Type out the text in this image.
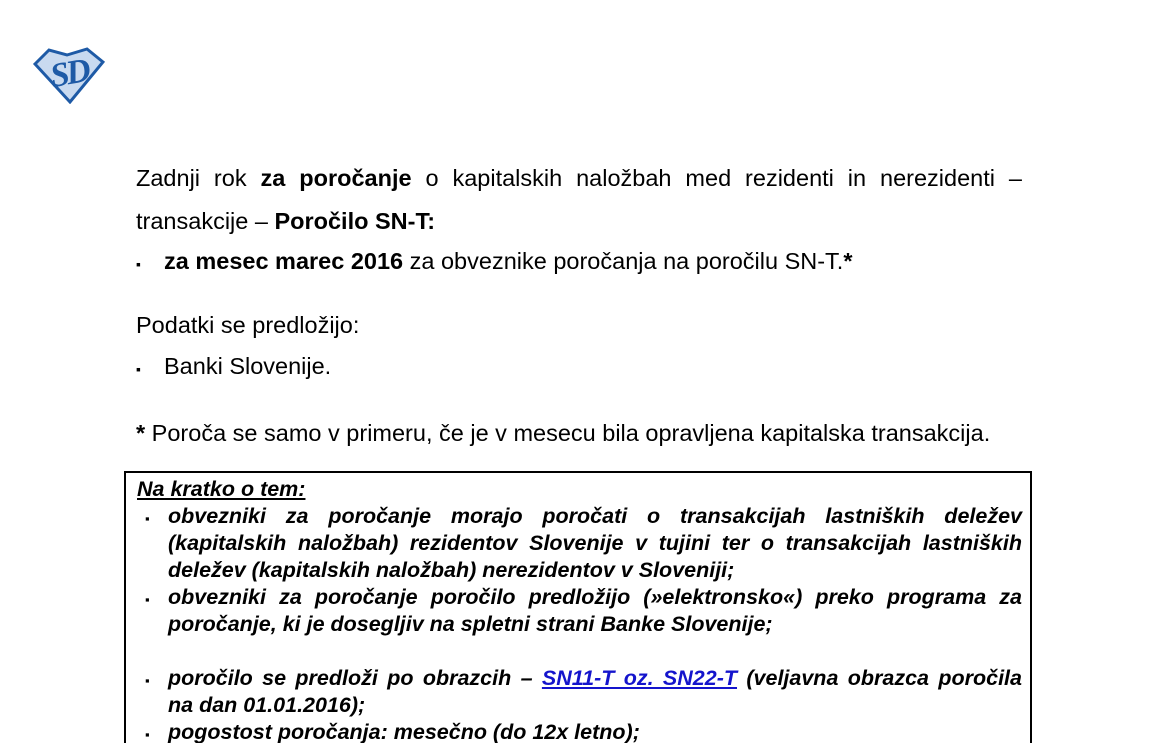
SD
Zadnji rok za poročanje o kapitalskih naložbah med rezidenti in nerezidenti –
transakcije – Poročilo SN-T:
▪ za mesec marec 2016 za obveznike poročanja na poročilu SN-T.*
Podatki se predložijo:
▪ Banki Slovenije.
* Poroča se samo v primeru, če je v mesecu bila opravljena kapitalska transakcija.
Na kratko o tem:
▪ obvezniki za poročanje morajo poročati o transakcijah lastniških deležev
(kapitalskih naložbah) rezidentov Slovenije v tujini ter o transakcijah lastniških
deležev (kapitalskih naložbah) nerezidentov v Sloveniji;
▪ obvezniki za poročanje poročilo predložijo (»elektronsko«) preko programa za
poročanje, ki je dosegljiv na spletni strani Banke Slovenije;
▪ poročilo se predloži po obrazcih – SN11-T oz. SN22-T (veljavna obrazca poročila
na dan 01.01.2016);
▪ pogostost poročanja: mesečno (do 12x letno);
